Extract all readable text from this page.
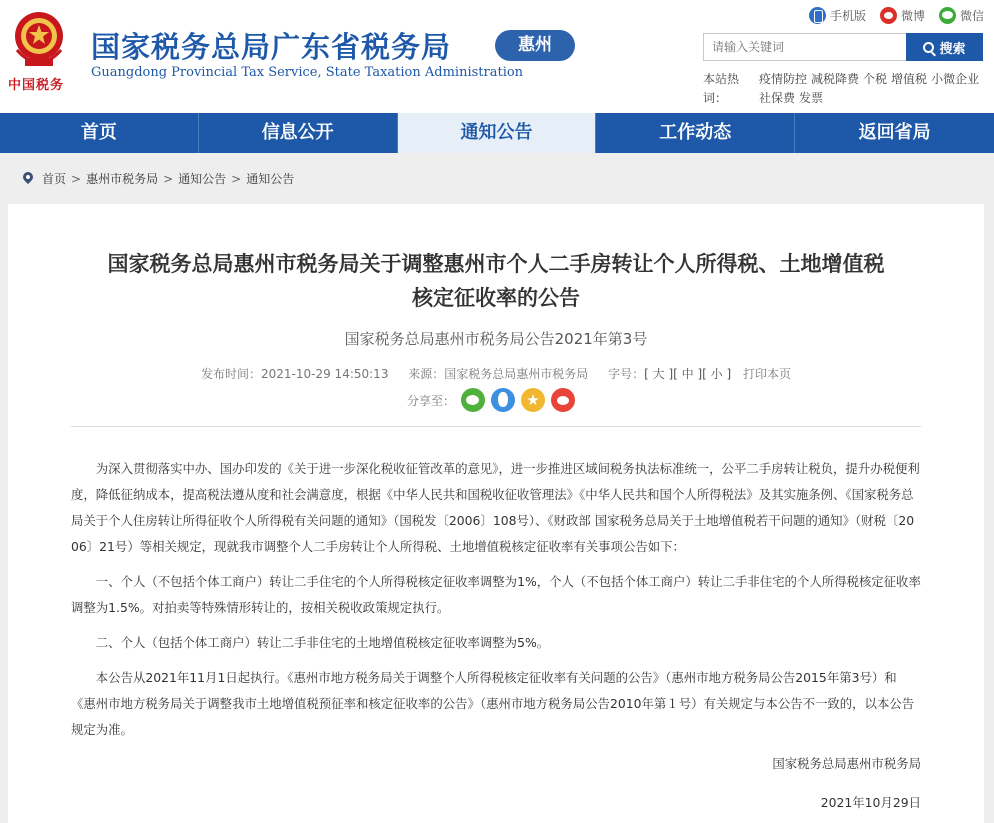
中国税务
国家税务总局广东省税务局
Guangdong Provincial Tax Service, State Taxation Administration
惠州
手机版	微博	微信
请输入关键词
搜索
本站热词：
疫情防控 减税降费 个税 增值税 小微企业
社保费 发票
首页	信息公开	通知公告	工作动态	返回省局
首页 > 惠州市税务局 > 通知公告 > 通知公告
国家税务总局惠州市税务局关于调整惠州市个人二手房转让个人所得税、土地增值税
核定征收率的公告
国家税务总局惠州市税务局公告2021年第3号
发布时间：2021-10-29 14:50:13 来源：国家税务总局惠州市税务局 字号：[ 大 ][ 中 ][ 小 ] 打印本页
分享至：
★

为深入贯彻落实中办、国办印发的《关于进一步深化税收征管改革的意见》，进一步推进区域间税务执法标准统一，公平二手房转让税负，提升办税便利度，降低征纳成本，提高税法遵从度和社会满意度，根据《中华人民共和国税收征收管理法》《中华人民共和国个人所得税法》及其实施条例、《国家税务总局关于个人住房转让所得征收个人所得税有关问题的通知》（国税发〔2006〕108号）、《财政部 国家税务总局关于土地增值税若干问题的通知》（财税〔2006〕21号）等相关规定，现就我市调整个人二手房转让个人所得税、土地增值税核定征收率有关事项公告如下：

一、个人（不包括个体工商户）转让二手住宅的个人所得税核定征收率调整为1%，个人（不包括个体工商户）转让二手非住宅的个人所得税核定征收率调整为1.5%。对拍卖等特殊情形转让的，按相关税收政策规定执行。

二、个人（包括个体工商户）转让二手非住宅的土地增值税核定征收率调整为5%。

本公告从2021年11月1日起执行。《惠州市地方税务局关于调整个人所得税核定征收率有关问题的公告》（惠州市地方税务局公告2015年第3号）和《惠州市地方税务局关于调整我市土地增值税预征率和核定征收率的公告》（惠州市地方税务局公告2010年第１号）有关规定与本公告不一致的，以本公告规定为准。

国家税务总局惠州市税务局
2021年10月29日
